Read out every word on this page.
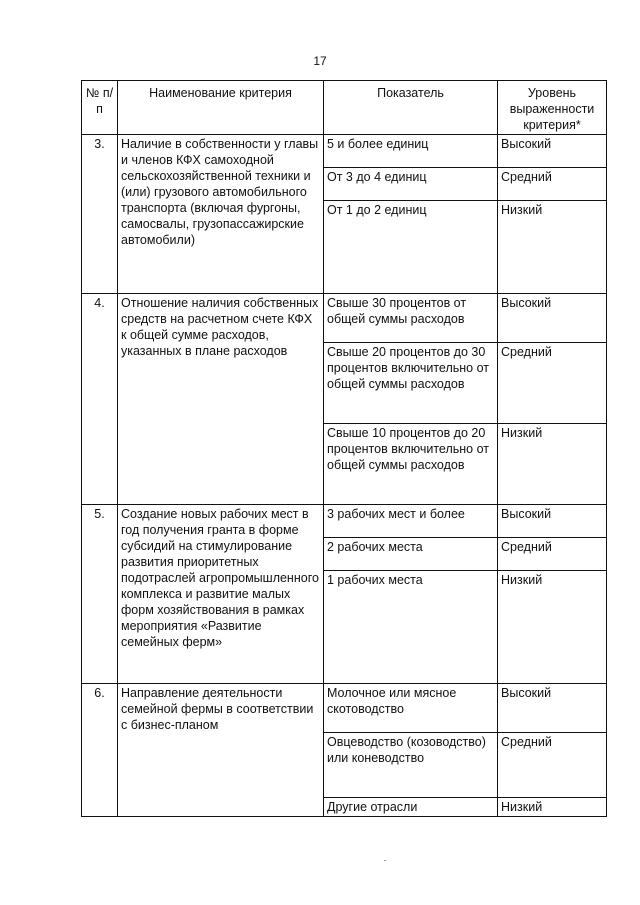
17
№ п/ п	Наименование критерия	Показатель	Уровень выраженности критерия*
3.	Наличие в собственности у главы и членов КФХ самоходной сельскохозяйственной техники и (или) грузового автомобильного транспорта (включая фургоны, самосвалы, грузопассажирские автомобили)	5 и более единиц	Высокий
		От 3 до 4 единиц	Средний
		От 1 до 2 единиц	Низкий
4.	Отношение наличия собственных средств на расчетном счете КФХ к общей сумме расходов, указанных в плане расходов	Свыше 30 процентов от общей суммы расходов	Высокий
		Свыше 20 процентов до 30 процентов включительно от общей суммы расходов	Средний
		Свыше 10 процентов до 20 процентов включительно от общей суммы расходов	Низкий
5.	Создание новых рабочих мест в год получения гранта в форме субсидий на стимулирование развития приоритетных подотраслей агропромышленного комплекса и развитие малых форм хозяйствования в рамках мероприятия «Развитие семейных ферм»	3 рабочих мест и более	Высокий
		2 рабочих места	Средний
		1 рабочих места	Низкий
6.	Направление деятельности семейной фермы в соответствии с бизнес-планом	Молочное или мясное скотоводство	Высокий
		Овцеводство (козоводство) или коневодство	Средний
		Другие отрасли	Низкий
